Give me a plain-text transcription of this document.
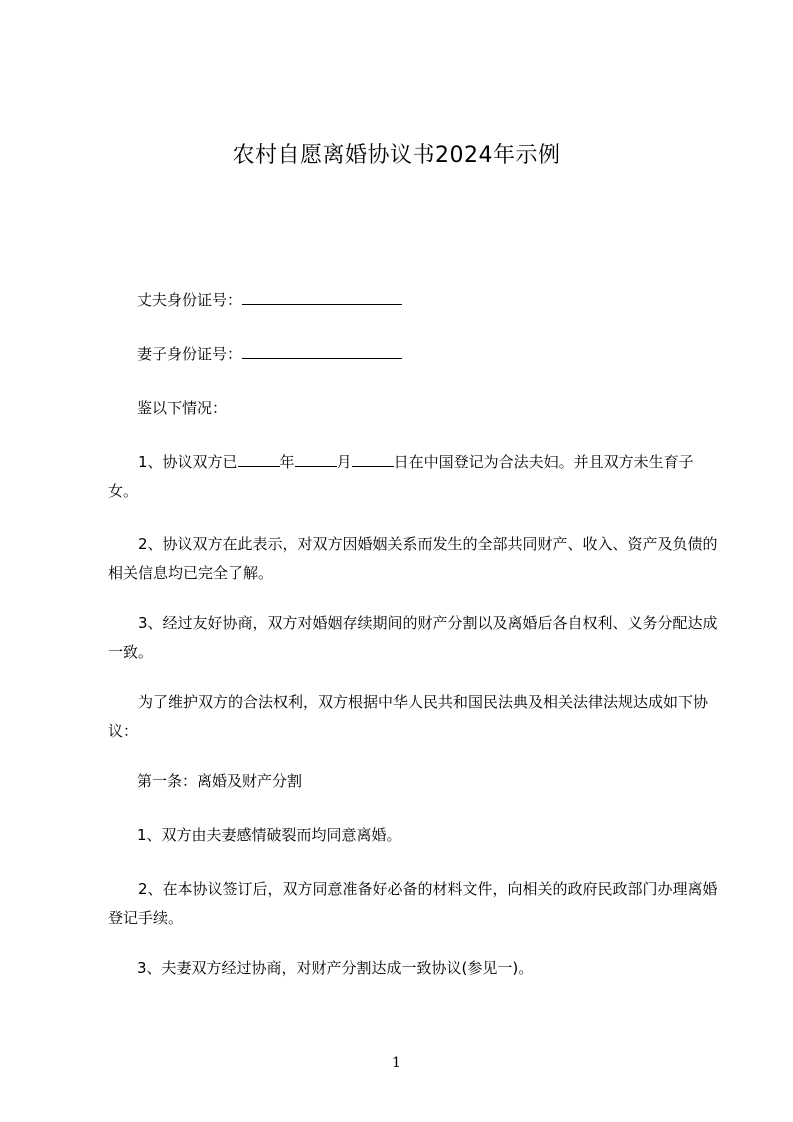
农村自愿离婚协议书2024年示例

丈夫身份证号：

妻子身份证号：

鉴以下情况：

1、协议双方已	年	月	日在中国登记为合法夫妇。并且双方未生育子女。

2、协议双方在此表示，对双方因婚姻关系而发生的全部共同财产、收入、资产及负债的相关信息均已完全了解。

3、经过友好协商，双方对婚姻存续期间的财产分割以及离婚后各自权利、义务分配达成一致。

为了维护双方的合法权利，双方根据中华人民共和国民法典及相关法律法规达成如下协议：

第一条：离婚及财产分割

1、双方由夫妻感情破裂而均同意离婚。

2、在本协议签订后，双方同意准备好必备的材料文件，向相关的政府民政部门办理离婚登记手续。

3、夫妻双方经过协商，对财产分割达成一致协议(参见一)。

1
